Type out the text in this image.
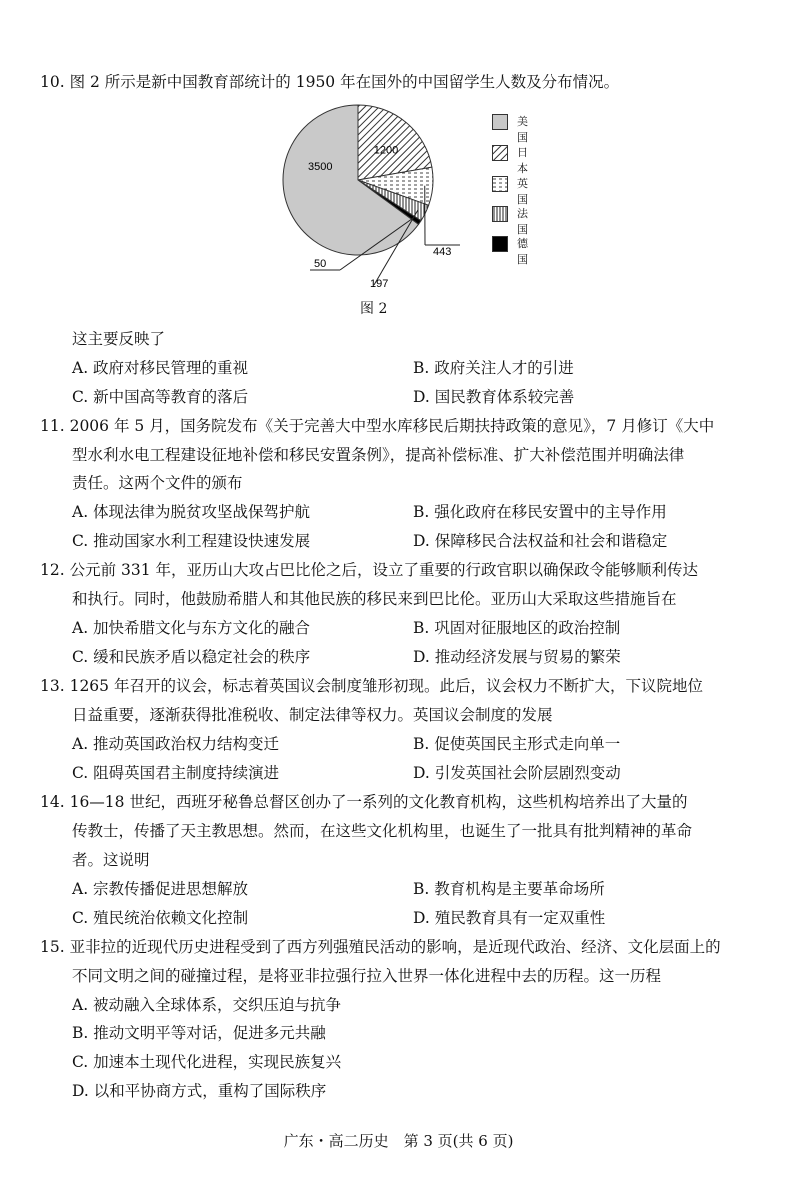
10. 图 2 所示是新中国教育部统计的 1950 年在国外的中国留学生人数及分布情况。
3500
1200
443
197
50
美国
日本
英国
法国
德国
图 2
这主要反映了
A. 政府对移民管理的重视	B. 政府关注人才的引进
C. 新中国高等教育的落后	D. 国民教育体系较完善
11. 2006 年 5 月，国务院发布《关于完善大中型水库移民后期扶持政策的意见》，7 月修订《大中
型水利水电工程建设征地补偿和移民安置条例》，提高补偿标准、扩大补偿范围并明确法律
责任。这两个文件的颁布
A. 体现法律为脱贫攻坚战保驾护航	B. 强化政府在移民安置中的主导作用
C. 推动国家水利工程建设快速发展	D. 保障移民合法权益和社会和谐稳定
12. 公元前 331 年，亚历山大攻占巴比伦之后，设立了重要的行政官职以确保政令能够顺利传达
和执行。同时，他鼓励希腊人和其他民族的移民来到巴比伦。亚历山大采取这些措施旨在
A. 加快希腊文化与东方文化的融合	B. 巩固对征服地区的政治控制
C. 缓和民族矛盾以稳定社会的秩序	D. 推动经济发展与贸易的繁荣
13. 1265 年召开的议会，标志着英国议会制度雏形初现。此后，议会权力不断扩大，下议院地位
日益重要，逐渐获得批准税收、制定法律等权力。英国议会制度的发展
A. 推动英国政治权力结构变迁	B. 促使英国民主形式走向单一
C. 阻碍英国君主制度持续演进	D. 引发英国社会阶层剧烈变动
14. 16—18 世纪，西班牙秘鲁总督区创办了一系列的文化教育机构，这些机构培养出了大量的
传教士，传播了天主教思想。然而，在这些文化机构里，也诞生了一批具有批判精神的革命
者。这说明
A. 宗教传播促进思想解放	B. 教育机构是主要革命场所
C. 殖民统治依赖文化控制	D. 殖民教育具有一定双重性
15. 亚非拉的近现代历史进程受到了西方列强殖民活动的影响，是近现代政治、经济、文化层面上的
不同文明之间的碰撞过程，是将亚非拉强行拉入世界一体化进程中去的历程。这一历程
A. 被动融入全球体系，交织压迫与抗争
B. 推动文明平等对话，促进多元共融
C. 加速本土现代化进程，实现民族复兴
D. 以和平协商方式，重构了国际秩序
广东・高二历史　第 3 页(共 6 页)
